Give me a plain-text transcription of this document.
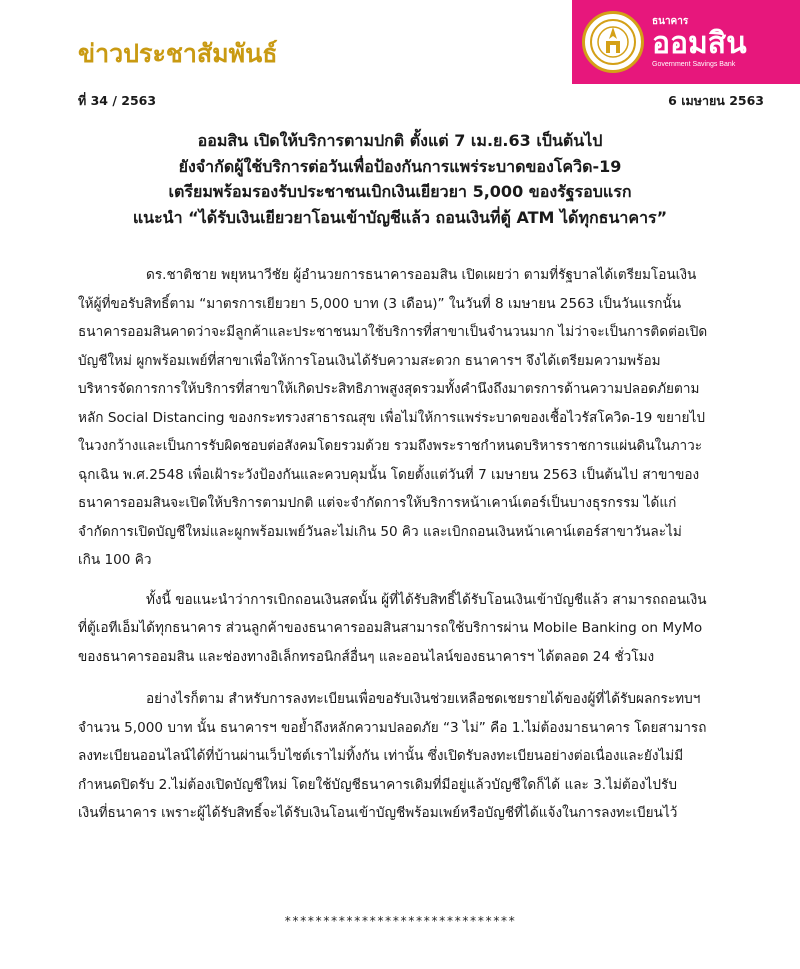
ข่าวประชาสัมพันธ์
ธนาคาร
ออมสิน
Government Savings Bank
ที่ 34 / 2563	6 เมษายน 2563
ออมสิน เปิดให้บริการตามปกติ ตั้งแต่ 7 เม.ย.63 เป็นต้นไป
ยังจำกัดผู้ใช้บริการต่อวันเพื่อป้องกันการแพร่ระบาดของโควิด-19
เตรียมพร้อมรองรับประชาชนเบิกเงินเยียวยา 5,000 ของรัฐรอบแรก
แนะนำ “ได้รับเงินเยียวยาโอนเข้าบัญชีแล้ว ถอนเงินที่ตู้ ATM ได้ทุกธนาคาร”

ดร.ชาติชาย พยุหนาวีชัย ผู้อำนวยการธนาคารออมสิน เปิดเผยว่า ตามที่รัฐบาลได้เตรียมโอนเงิน
ให้ผู้ที่ขอรับสิทธิ์ตาม “มาตรการเยียวยา 5,000 บาท (3 เดือน)” ในวันที่ 8 เมษายน 2563 เป็นวันแรกนั้น
ธนาคารออมสินคาดว่าจะมีลูกค้าและประชาชนมาใช้บริการที่สาขาเป็นจำนวนมาก ไม่ว่าจะเป็นการติดต่อเปิด
บัญชีใหม่ ผูกพร้อมเพย์ที่สาขาเพื่อให้การโอนเงินได้รับความสะดวก ธนาคารฯ จึงได้เตรียมความพร้อม
บริหารจัดการการให้บริการที่สาขาให้เกิดประสิทธิภาพสูงสุดรวมทั้งคำนึงถึงมาตรการด้านความปลอดภัยตาม
หลัก Social Distancing ของกระทรวงสาธารณสุข เพื่อไม่ให้การแพร่ระบาดของเชื้อไวรัสโควิด-19 ขยายไป
ในวงกว้างและเป็นการรับผิดชอบต่อสังคมโดยรวมด้วย รวมถึงพระราชกำหนดบริหารราชการแผ่นดินในภาวะ
ฉุกเฉิน พ.ศ.2548 เพื่อเฝ้าระวังป้องกันและควบคุมนั้น โดยตั้งแต่วันที่ 7 เมษายน 2563 เป็นต้นไป สาขาของ
ธนาคารออมสินจะเปิดให้บริการตามปกติ แต่จะจำกัดการให้บริการหน้าเคาน์เตอร์เป็นบางธุรกรรม ได้แก่
จำกัดการเปิดบัญชีใหม่และผูกพร้อมเพย์วันละไม่เกิน 50 คิว และเบิกถอนเงินหน้าเคาน์เตอร์สาขาวันละไม่
เกิน 100 คิว

ทั้งนี้ ขอแนะนำว่าการเบิกถอนเงินสดนั้น ผู้ที่ได้รับสิทธิ์ได้รับโอนเงินเข้าบัญชีแล้ว สามารถถอนเงิน
ที่ตู้เอทีเอ็มได้ทุกธนาคาร ส่วนลูกค้าของธนาคารออมสินสามารถใช้บริการผ่าน Mobile Banking on MyMo
ของธนาคารออมสิน และช่องทางอิเล็กทรอนิกส์อื่นๆ และออนไลน์ของธนาคารฯ ได้ตลอด 24 ชั่วโมง

อย่างไรก็ตาม สำหรับการลงทะเบียนเพื่อขอรับเงินช่วยเหลือชดเชยรายได้ของผู้ที่ได้รับผลกระทบฯ
จำนวน 5,000 บาท นั้น ธนาคารฯ ขอย้ำถึงหลักความปลอดภัย “3 ไม่” คือ 1.ไม่ต้องมาธนาคาร โดยสามารถ
ลงทะเบียนออนไลน์ได้ที่บ้านผ่านเว็บไซต์เราไม่ทิ้งกัน เท่านั้น ซึ่งเปิดรับลงทะเบียนอย่างต่อเนื่องและยังไม่มี
กำหนดปิดรับ 2.ไม่ต้องเปิดบัญชีใหม่ โดยใช้บัญชีธนาคารเดิมที่มีอยู่แล้วบัญชีใดก็ได้ และ 3.ไม่ต้องไปรับ
เงินที่ธนาคาร เพราะผู้ได้รับสิทธิ์จะได้รับเงินโอนเข้าบัญชีพร้อมเพย์หรือบัญชีที่ได้แจ้งในการลงทะเบียนไว้

******************************
